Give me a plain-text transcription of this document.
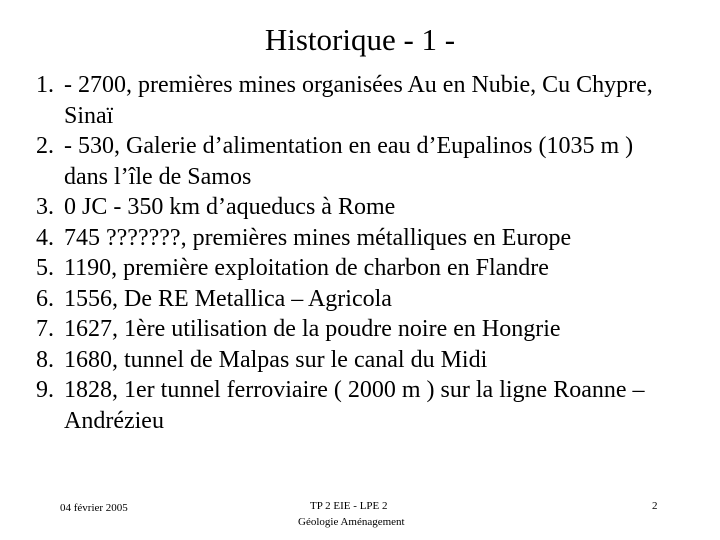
Historique - 1 -
1. - 2700, premières mines organisées Au en Nubie, Cu Chypre, Sinaï
2. - 530, Galerie d’alimentation en eau d’Eupalinos (1035 m ) dans l’île de Samos
3. 0 JC - 350 km d’aqueducs à Rome
4. 745 ???????, premières mines métalliques en Europe
5. 1190, première exploitation de charbon en Flandre
6. 1556, De RE Metallica – Agricola
7. 1627, 1ère utilisation de la poudre noire en Hongrie
8. 1680, tunnel de Malpas sur le canal du Midi
9. 1828, 1er tunnel ferroviaire ( 2000 m ) sur la ligne Roanne – Andrézieu
04 février 2005	TP 2 EIE - LPE 2
Géologie Aménagement
2
